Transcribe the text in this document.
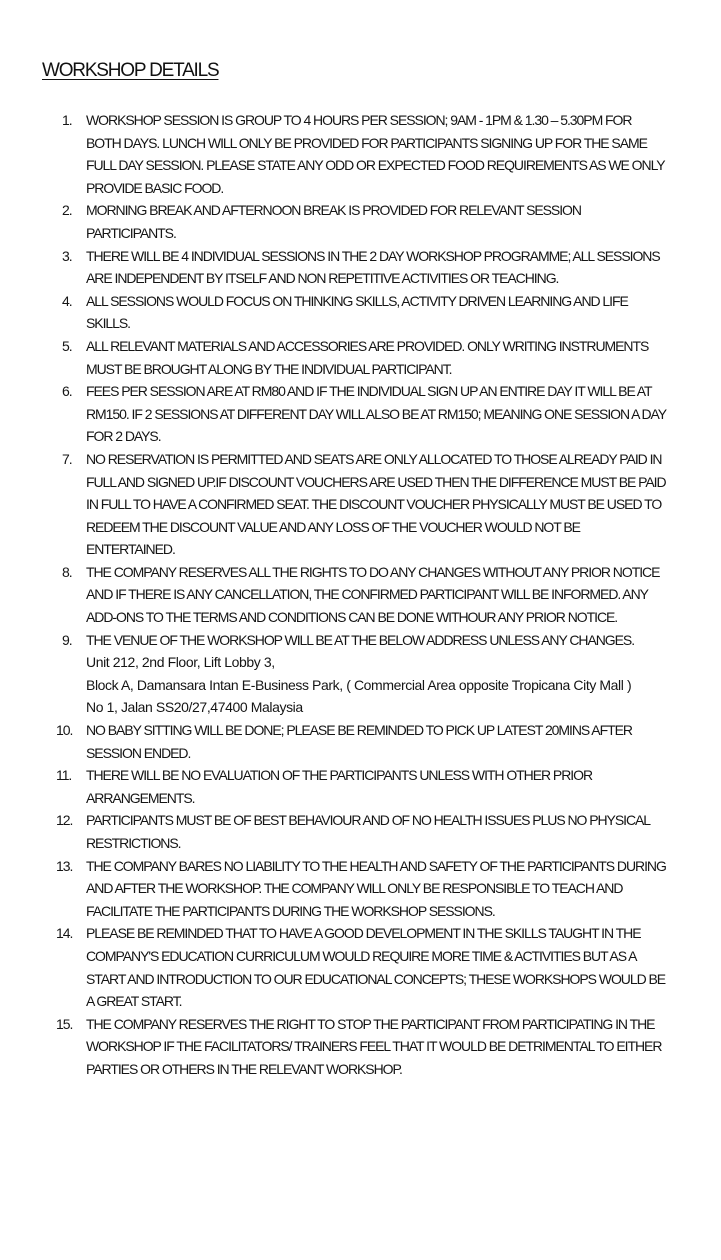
WORKSHOP DETAILS
1. WORKSHOP SESSION IS GROUP TO 4 HOURS PER SESSION; 9AM - 1PM & 1.30 – 5.30PM FOR BOTH DAYS. LUNCH WILL ONLY BE PROVIDED FOR PARTICIPANTS SIGNING UP FOR THE SAME FULL DAY SESSION. PLEASE STATE ANY ODD OR EXPECTED FOOD REQUIREMENTS AS WE ONLY PROVIDE BASIC FOOD.
2. MORNING BREAK AND AFTERNOON BREAK IS PROVIDED FOR RELEVANT SESSION PARTICIPANTS.
3. THERE WILL BE 4 INDIVIDUAL SESSIONS IN THE 2 DAY WORKSHOP PROGRAMME; ALL SESSIONS ARE INDEPENDENT BY ITSELF AND NON REPETITIVE ACTIVITIES OR TEACHING.
4. ALL SESSIONS WOULD FOCUS ON THINKING SKILLS, ACTIVITY DRIVEN LEARNING AND LIFE SKILLS.
5. ALL RELEVANT MATERIALS AND ACCESSORIES ARE PROVIDED. ONLY WRITING INSTRUMENTS MUST BE BROUGHT ALONG BY THE INDIVIDUAL PARTICIPANT.
6. FEES PER SESSION ARE AT RM80 AND IF THE INDIVIDUAL SIGN UP AN ENTIRE DAY IT WILL BE AT RM150. IF 2 SESSIONS AT DIFFERENT DAY WILL ALSO BE AT RM150; MEANING ONE SESSION A DAY FOR 2 DAYS.
7. NO RESERVATION IS PERMITTED AND SEATS ARE ONLY ALLOCATED TO THOSE ALREADY PAID IN FULL AND SIGNED UP.IF DISCOUNT VOUCHERS ARE USED THEN THE DIFFERENCE MUST BE PAID IN FULL TO HAVE A CONFIRMED SEAT. THE DISCOUNT VOUCHER PHYSICALLY MUST BE USED TO REDEEM THE DISCOUNT VALUE AND ANY LOSS OF THE VOUCHER WOULD NOT BE ENTERTAINED.
8. THE COMPANY RESERVES ALL THE RIGHTS TO DO ANY CHANGES WITHOUT ANY PRIOR NOTICE AND IF THERE IS ANY CANCELLATION, THE CONFIRMED PARTICIPANT WILL BE INFORMED. ANY ADD-ONS TO THE TERMS AND CONDITIONS CAN BE DONE WITHOUR ANY PRIOR NOTICE.
9. THE VENUE OF THE WORKSHOP WILL BE AT THE BELOW ADDRESS UNLESS ANY CHANGES.
Unit 212, 2nd Floor, Lift Lobby 3,
Block A, Damansara Intan E-Business Park, ( Commercial Area opposite Tropicana City Mall )
No 1, Jalan SS20/27,47400 Malaysia
10. NO BABY SITTING WILL BE DONE; PLEASE BE REMINDED TO PICK UP LATEST 20MINS AFTER SESSION ENDED.
11. THERE WILL BE NO EVALUATION OF THE PARTICIPANTS UNLESS WITH OTHER PRIOR ARRANGEMENTS.
12. PARTICIPANTS MUST BE OF BEST BEHAVIOUR AND OF NO HEALTH ISSUES PLUS NO PHYSICAL RESTRICTIONS.
13. THE COMPANY BARES NO LIABILITY TO THE HEALTH AND SAFETY OF THE PARTICIPANTS DURING AND AFTER THE WORKSHOP. THE COMPANY WILL ONLY BE RESPONSIBLE TO TEACH AND FACILITATE THE PARTICIPANTS DURING THE WORKSHOP SESSIONS.
14. PLEASE BE REMINDED THAT TO HAVE A GOOD DEVELOPMENT IN THE SKILLS TAUGHT IN THE COMPANY'S EDUCATION CURRICULUM WOULD REQUIRE MORE TIME & ACTIVITIES BUT AS A START AND INTRODUCTION TO OUR EDUCATIONAL CONCEPTS; THESE WORKSHOPS WOULD BE A GREAT START.
15. THE COMPANY RESERVES THE RIGHT TO STOP THE PARTICIPANT FROM PARTICIPATING IN THE WORKSHOP IF THE FACILITATORS/ TRAINERS FEEL THAT IT WOULD BE DETRIMENTAL TO EITHER PARTIES OR OTHERS IN THE RELEVANT WORKSHOP.
